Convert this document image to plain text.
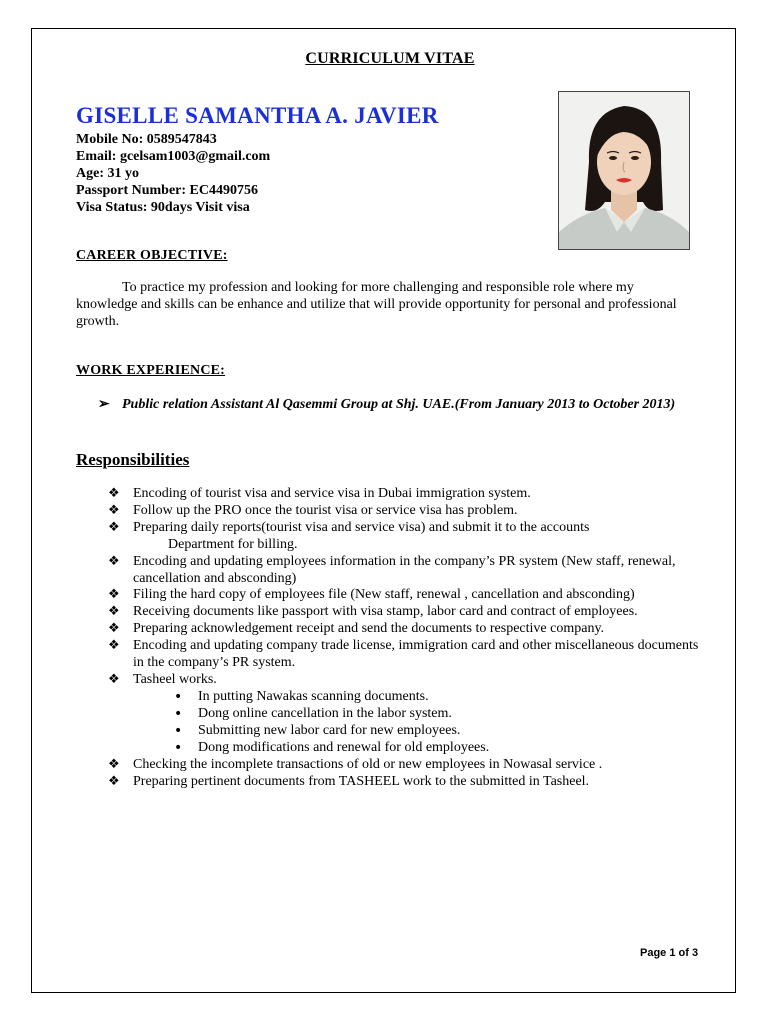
CURRICULUM VITAE
GISELLE SAMANTHA A. JAVIER
Mobile No: 0589547843
Email: gcelsam1003@gmail.com
Age: 31 yo
Passport Number: EC4490756
Visa Status: 90days Visit visa
CAREER OBJECTIVE:
To practice my profession and looking for more challenging and responsible role where my knowledge and skills can be enhance and utilize that will provide opportunity for personal and professional growth.
WORK EXPERIENCE:
➢ Public relation Assistant Al Qasemmi Group at Shj. UAE.(From January 2013 to October 2013)
Responsibilities
❖ Encoding of tourist visa and service visa in Dubai immigration system.
❖ Follow up the PRO once the tourist visa or service visa has problem.
❖ Preparing daily reports(tourist visa and service visa) and submit it to the accounts
Department for billing.
❖ Encoding and updating employees information in the company’s PR system (New staff, renewal, cancellation and absconding)
❖ Filing the hard copy of employees file (New staff, renewal , cancellation and absconding)
❖ Receiving documents like passport with visa stamp, labor card and contract of employees.
❖ Preparing acknowledgement receipt and send the documents to respective company.
❖ Encoding and updating company trade license, immigration card and other miscellaneous documents in the company’s PR system.
❖ Tasheel works.
• In putting Nawakas scanning documents.
• Dong online cancellation in the labor system.
• Submitting new labor card for new employees.
• Dong modifications and renewal for old employees.
❖ Checking the incomplete transactions of old or new employees in Nowasal service .
❖ Preparing pertinent documents from TASHEEL work to the submitted in Tasheel.
Page 1 of 3
